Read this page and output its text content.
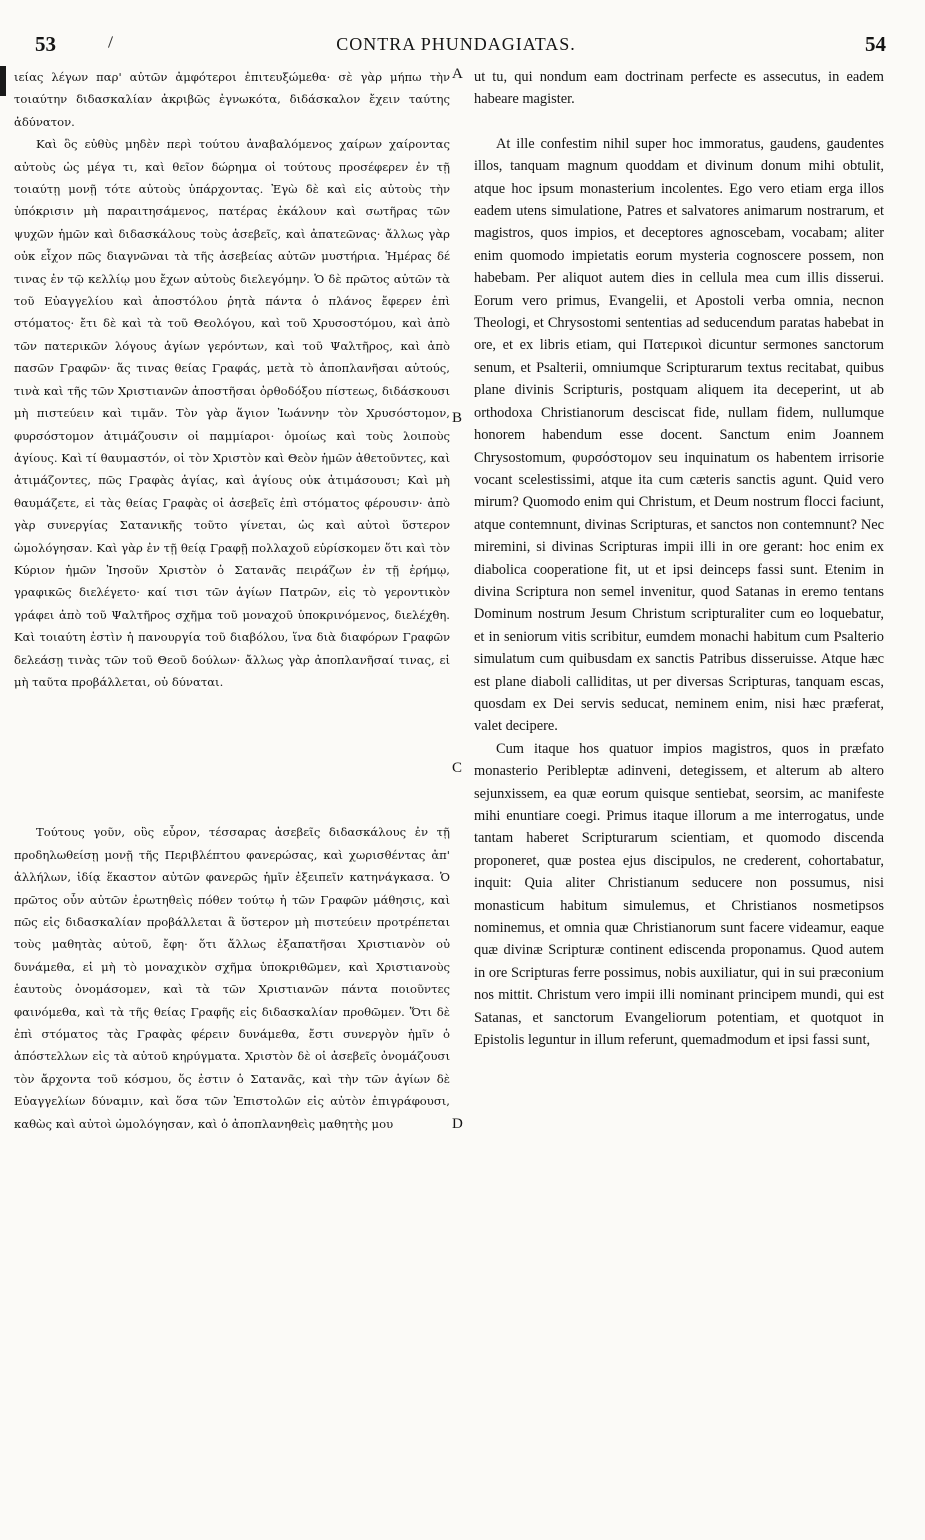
53	CONTRA PHUNDAGIATAS.	54

ιείας λέγων παρ' αὐτῶν ἀμφότεροι ἐπιτευξώμεθα· σὲ γὰρ μήπω τὴν τοιαύτην διδασκαλίαν ἀκριβῶς ἐγνωκότα, διδάσκαλον ἔχειν ταύτης ἀδύνατον.

Καὶ ὃς εὐθὺς μηδὲν περὶ τούτου ἀναβαλόμενος χαίρων χαίροντας αὐτοὺς ὡς μέγα τι, καὶ θεῖον δώρημα οἱ τούτους προσέφερεν ἐν τῇ τοιαύτῃ μονῇ τότε αὐτοὺς ὑπάρχοντας. Ἐγὼ δὲ καὶ εἰς αὐτοὺς τὴν ὑπόκρισιν μὴ παραιτησάμενος, πατέρας ἐκάλουν καὶ σωτῆρας τῶν ψυχῶν ἡμῶν καὶ διδασκάλους τοὺς ἀσεβεῖς, καὶ ἀπατεῶνας· ἄλλως γὰρ οὐκ εἶχον πῶς διαγνῶναι τὰ τῆς ἀσεβείας αὐτῶν μυστήρια. Ἡμέρας δέ τινας ἐν τῷ κελλίῳ μου ἔχων αὐτοὺς διελεγόμην. Ὁ δὲ πρῶτος αὐτῶν τὰ τοῦ Εὐαγγελίου καὶ ἀποστόλου ῥητὰ πάντα ὁ πλάνος ἔφερεν ἐπὶ στόματος· ἔτι δὲ καὶ τὰ τοῦ Θεολόγου, καὶ τοῦ Χρυσοστόμου, καὶ ἀπὸ τῶν πατερικῶν λόγους ἁγίων γερόντων, καὶ τοῦ Ψαλτῆρος, καὶ ἀπὸ πασῶν Γραφῶν· ἅς τινας θείας Γραφάς, μετὰ τὸ ἀποπλανῆσαι αὐτούς, τινὰ καὶ τῆς τῶν Χριστιανῶν ἀποστῆσαι ὀρθοδόξου πίστεως, διδάσκουσι μὴ πιστεύειν καὶ τιμᾶν. Τὸν γὰρ ἅγιον Ἰωάννην τὸν Χρυσόστομον, φυρσόστομον ἀτιμάζουσιν οἱ παμμίαροι· ὁμοίως καὶ τοὺς λοιποὺς ἁγίους. Καὶ τί θαυμαστόν, οἱ τὸν Χριστὸν καὶ Θεὸν ἡμῶν ἀθετοῦντες, καὶ ἀτιμάζοντες, πῶς Γραφὰς ἁγίας, καὶ ἁγίους οὐκ ἀτιμάσουσι; Καὶ μὴ θαυμάζετε, εἰ τὰς θείας Γραφὰς οἱ ἀσεβεῖς ἐπὶ στόματος φέρουσιν· ἀπὸ γὰρ συνεργίας Σατανικῆς τοῦτο γίνεται, ὡς καὶ αὐτοὶ ὕστερον ὡμολόγησαν. Καὶ γὰρ ἐν τῇ θείᾳ Γραφῇ πολλαχοῦ εὑρίσκομεν ὅτι καὶ τὸν Κύριον ἡμῶν Ἰησοῦν Χριστὸν ὁ Σατανᾶς πειράζων ἐν τῇ ἐρήμῳ, γραφικῶς διελέγετο· καί τισι τῶν ἁγίων Πατρῶν, εἰς τὸ γεροντικὸν γράφει ἀπὸ τοῦ Ψαλτῆρος σχῆμα τοῦ μοναχοῦ ὑποκρινόμενος, διελέχθη. Καὶ τοιαύτη ἐστὶν ἡ πανουργία τοῦ διαβόλου, ἵνα διὰ διαφόρων Γραφῶν δελεάσῃ τινὰς τῶν τοῦ Θεοῦ δούλων· ἄλλως γὰρ ἀποπλανῆσαί τινας, εἰ μὴ ταῦτα προβάλλεται, οὐ δύναται.

Τούτους γοῦν, οὓς εὗρον, τέσσαρας ἀσεβεῖς διδασκάλους ἐν τῇ προδηλωθείσῃ μονῇ τῆς Περιβλέπτου φανερώσας, καὶ χωρισθέντας ἀπ' ἀλλήλων, ἰδίᾳ ἕκαστον αὐτῶν φανερῶς ἡμῖν ἐξειπεῖν κατηνάγκασα. Ὁ πρῶτος οὖν αὐτῶν ἐρωτηθεὶς πόθεν τούτῳ ἡ τῶν Γραφῶν μάθησις, καὶ πῶς εἰς διδασκαλίαν προβάλλεται ἃ ὕστερον μὴ πιστεύειν προτρέπεται τοὺς μαθητὰς αὐτοῦ, ἔφη· ὅτι ἄλλως ἐξαπατῆσαι Χριστιανὸν οὐ δυνάμεθα, εἰ μὴ τὸ μοναχικὸν σχῆμα ὑποκριθῶμεν, καὶ Χριστιανοὺς ἑαυτοὺς ὀνομάσομεν, καὶ τὰ τῶν Χριστιανῶν πάντα ποιοῦντες φαινόμεθα, καὶ τὰ τῆς θείας Γραφῆς εἰς διδασκαλίαν προθῶμεν. Ὅτι δὲ ἐπὶ στόματος τὰς Γραφὰς φέρειν δυνάμεθα, ἔστι συνεργὸν ἡμῖν ὁ ἀπόστελλων εἰς τὰ αὐτοῦ κηρύγματα. Χριστὸν δὲ οἱ ἀσεβεῖς ὀνομάζουσι τὸν ἄρχοντα τοῦ κόσμου, ὅς ἐστιν ὁ Σατανᾶς, καὶ τὴν τῶν ἁγίων δὲ Εὐαγγελίων δύναμιν, καὶ ὅσα τῶν Ἐπιστολῶν εἰς αὐτὸν ἐπιγράφουσι, καθὼς καὶ αὐτοὶ ὡμολόγησαν, καὶ ὁ ἀποπλανηθεὶς μαθητὴς μου

A
B
C
D

ut tu, qui nondum eam doctrinam perfecte es assecutus, in eadem habeare magister.

At ille confestim nihil super hoc immoratus, gaudens, gaudentes illos, tanquam magnum quoddam et divinum donum mihi obtulit, atque hoc ipsum monasterium incolentes. Ego vero etiam erga illos eadem utens simulatione, Patres et salvatores animarum nostrarum, et magistros, quos impios, et deceptores agnoscebam, vocabam; aliter enim quomodo impietatis eorum mysteria cognoscere possem, non habebam. Per aliquot autem dies in cellula mea cum illis disserui. Eorum vero primus, Evangelii, et Apostoli verba omnia, necnon Theologi, et Chrysostomi sententias ad seducendum paratas habebat in ore, et ex libris etiam, qui Πατερικοὶ dicuntur sermones sanctorum senum, et Psalterii, omniumque Scripturarum textus recitabat, quibus plane divinis Scripturis, postquam aliquem ita deceperint, ut ab orthodoxa Christianorum desciscat fide, nullam fidem, nullumque honorem habendum esse docent. Sanctum enim Joannem Chrysostomum, φυρσόστομον seu inquinatum os habentem irrisorie vocant scelestissimi, atque ita cum cæteris sanctis agunt. Quid vero mirum? Quomodo enim qui Christum, et Deum nostrum flocci faciunt, atque contemnunt, divinas Scripturas, et sanctos non contemnunt? Nec miremini, si divinas Scripturas impii illi in ore gerant: hoc enim ex diabolica cooperatione fit, ut et ipsi deinceps fassi sunt. Etenim in divina Scriptura non semel invenitur, quod Satanas in eremo tentans Dominum nostrum Jesum Christum scripturaliter cum eo loquebatur, et in seniorum vitis scribitur, eumdem monachi habitum cum Psalterio simulatum cum quibusdam ex sanctis Patribus disseruisse. Atque hæc est plane diaboli calliditas, ut per diversas Scripturas, tanquam escas, quosdam ex Dei servis seducat, neminem enim, nisi hæc præferat, valet decipere.

Cum itaque hos quatuor impios magistros, quos in præfato monasterio Peribleptæ adinveni, detegissem, et alterum ab altero sejunxissem, ea quæ eorum quisque sentiebat, seorsim, ac manifeste mihi enuntiare coegi. Primus itaque illorum a me interrogatus, unde tantam haberet Scripturarum scientiam, et quomodo discenda proponeret, quæ postea ejus discipulos, ne crederent, cohortabatur, inquit: Quia aliter Christianum seducere non possumus, nisi monasticum habitum simulemus, et Christianos nosmetipsos nominemus, et omnia quæ Christianorum sunt facere videamur, eaque quæ divinæ Scripturæ continent ediscenda proponamus. Quod autem in ore Scripturas ferre possimus, nobis auxiliatur, qui in sui præconium nos mittit. Christum vero impii illi nominant principem mundi, qui est Satanas, et sanctorum Evangeliorum potentiam, et quotquot in Epistolis leguntur in illum referunt, quemadmodum et ipsi fassi sunt,
